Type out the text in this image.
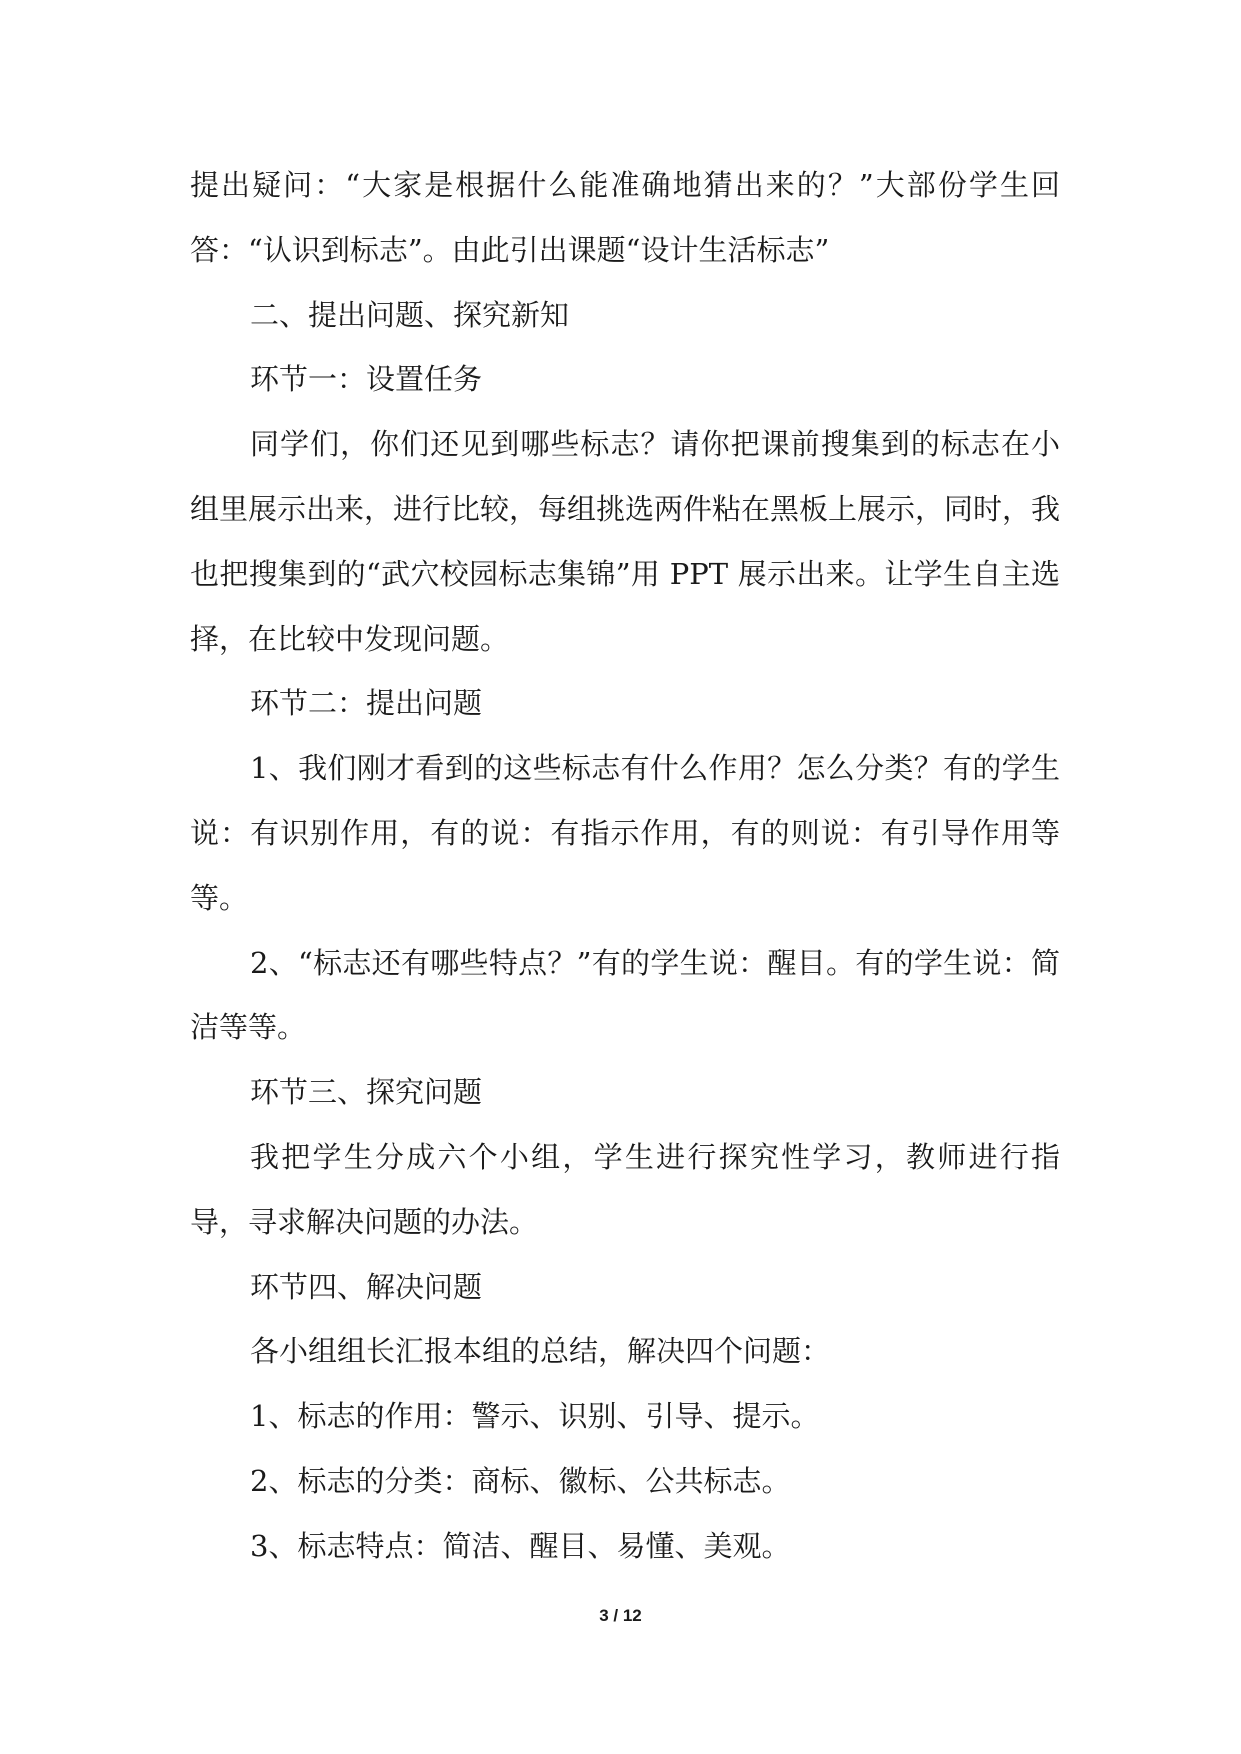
提出疑问：“大家是根据什么能准确地猜出来的？”大部份学生回答：“认识到标志”。由此引出课题“设计生活标志”

二、提出问题、探究新知

环节一：设置任务

同学们，你们还见到哪些标志？请你把课前搜集到的标志在小组里展示出来，进行比较，每组挑选两件粘在黑板上展示，同时，我也把搜集到的“武穴校园标志集锦”用 PPT 展示出来。让学生自主选择，在比较中发现问题。

环节二：提出问题

1、我们刚才看到的这些标志有什么作用？怎么分类？有的学生说：有识别作用，有的说：有指示作用，有的则说：有引导作用等等。

2、“标志还有哪些特点？”有的学生说：醒目。有的学生说：简洁等等。

环节三、探究问题

我把学生分成六个小组，学生进行探究性学习，教师进行指导，寻求解决问题的办法。

环节四、解决问题

各小组组长汇报本组的总结，解决四个问题：

1、标志的作用：警示、识别、引导、提示。

2、标志的分类：商标、徽标、公共标志。

3、标志特点：简洁、醒目、易懂、美观。

3 / 12
